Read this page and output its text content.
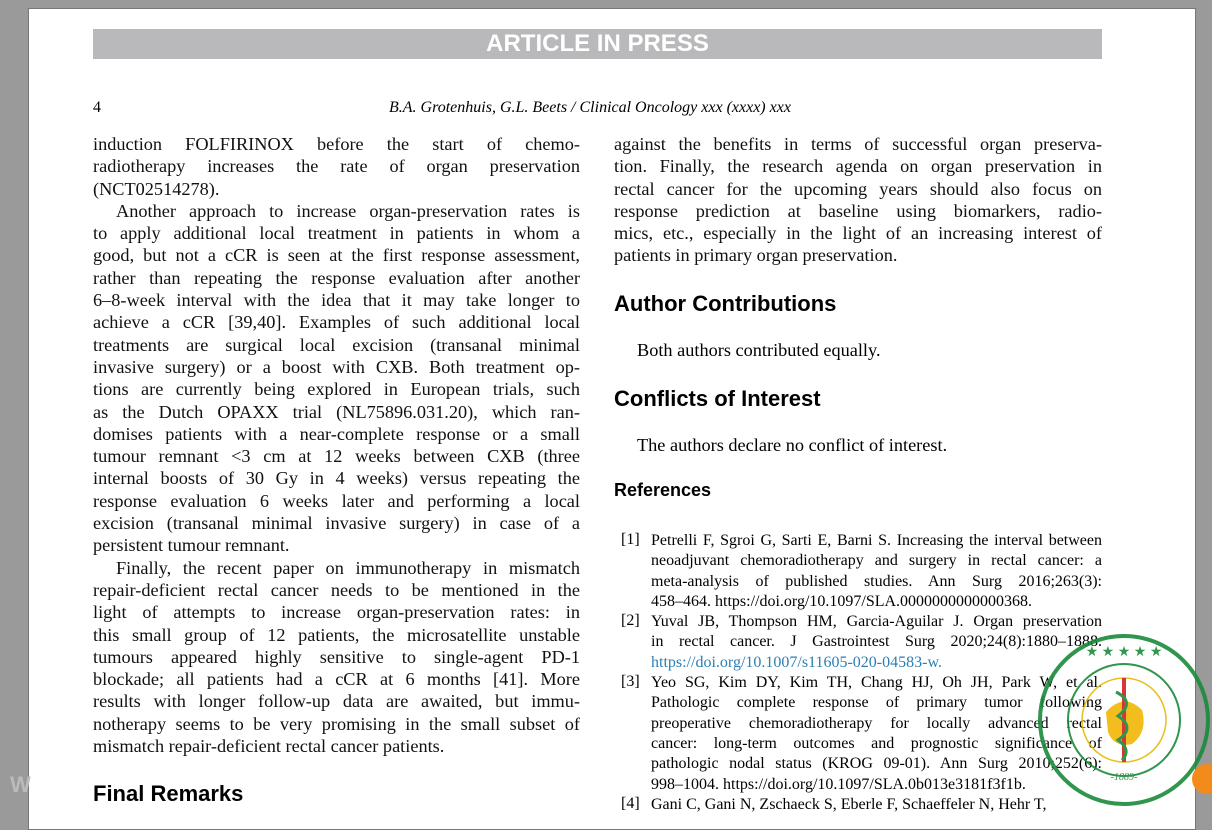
ARTICLE IN PRESS
4	B.A. Grotenhuis, G.L. Beets / Clinical Oncology xxx (xxxx) xxx
induction FOLFIRINOX before the start of chemo-
radiotherapy increases the rate of organ preservation
(NCT02514278).
Another approach to increase organ-preservation rates is
to apply additional local treatment in patients in whom a
good, but not a cCR is seen at the first response assessment,
rather than repeating the response evaluation after another
6–8-week interval with the idea that it may take longer to
achieve a cCR [39,40]. Examples of such additional local
treatments are surgical local excision (transanal minimal
invasive surgery) or a boost with CXB. Both treatment op-
tions are currently being explored in European trials, such
as the Dutch OPAXX trial (NL75896.031.20), which ran-
domises patients with a near-complete response or a small
tumour remnant <3 cm at 12 weeks between CXB (three
internal boosts of 30 Gy in 4 weeks) versus repeating the
response evaluation 6 weeks later and performing a local
excision (transanal minimal invasive surgery) in case of a
persistent tumour remnant.
Finally, the recent paper on immunotherapy in mismatch
repair-deficient rectal cancer needs to be mentioned in the
light of attempts to increase organ-preservation rates: in
this small group of 12 patients, the microsatellite unstable
tumours appeared highly sensitive to single-agent PD-1
blockade; all patients had a cCR at 6 months [41]. More
results with longer follow-up data are awaited, but immu-
notherapy seems to be very promising in the small subset of
mismatch repair-deficient rectal cancer patients.
Final Remarks
against the benefits in terms of successful organ preserva-
tion. Finally, the research agenda on organ preservation in
rectal cancer for the upcoming years should also focus on
response prediction at baseline using biomarkers, radio-
mics, etc., especially in the light of an increasing interest of
patients in primary organ preservation.
Author Contributions
Both authors contributed equally.
Conflicts of Interest
The authors declare no conflict of interest.
References
[1] Petrelli F, Sgroi G, Sarti E, Barni S. Increasing the interval between
neoadjuvant chemoradiotherapy and surgery in rectal cancer: a
meta-analysis of published studies. Ann Surg 2016;263(3):
458–464. https://doi.org/10.1097/SLA.0000000000000368.
[2] Yuval JB, Thompson HM, Garcia-Aguilar J. Organ preservation
in rectal cancer. J Gastrointest Surg 2020;24(8):1880–1888.
https://doi.org/10.1007/s11605-020-04583-w.
[3] Yeo SG, Kim DY, Kim TH, Chang HJ, Oh JH, Park W, et al.
Pathologic complete response of primary tumor following
preoperative chemoradiotherapy for locally advanced rectal
cancer: long-term outcomes and prognostic significance of
pathologic nodal status (KROG 09-01). Ann Surg 2010;252(6):
998–1004. https://doi.org/10.1097/SLA.0b013e3181f3f1b.
[4] Gani C, Gani N, Zschaeck S, Eberle F, Schaeffeler N, Hehr T,
W
★ ★ ★ ★ ★
-1889-
